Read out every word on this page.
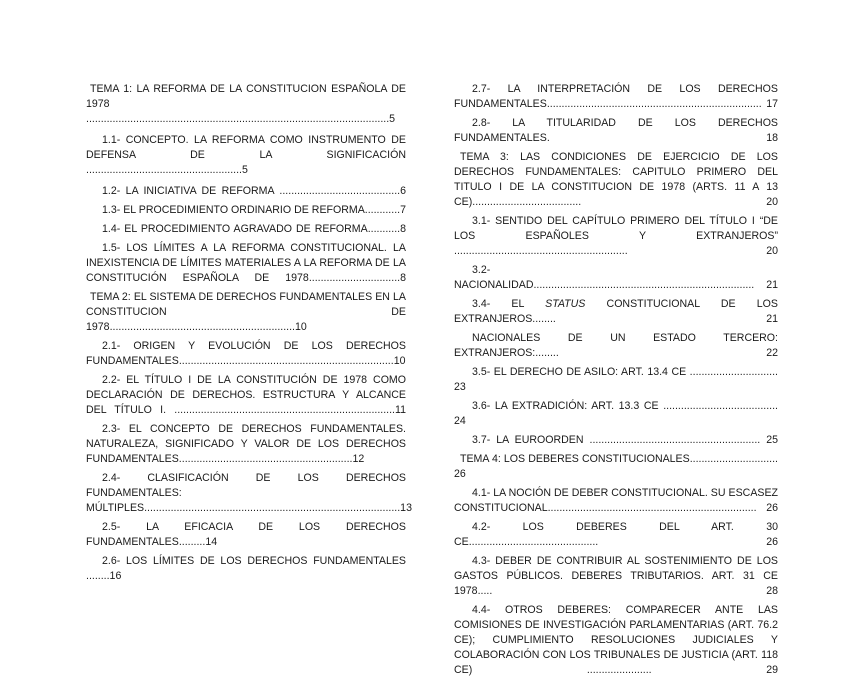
TEMA 1: LA REFORMA DE LA CONSTITUCION ESPAÑOLA DE 1978 .......................................................................................................5
1.1- CONCEPTO. LA REFORMA COMO INSTRUMENTO DE DEFENSA DE LA SIGNIFICACIÓN .....................................................5
1.2- LA INICIATIVA DE REFORMA .........................................6
1.3- EL PROCEDIMIENTO ORDINARIO DE REFORMA............7
1.4- EL PROCEDIMIENTO AGRAVADO DE REFORMA...........8
1.5- LOS LÍMITES A LA REFORMA CONSTITUCIONAL. LA INEXISTENCIA DE LÍMITES MATERIALES A LA REFORMA DE LA CONSTITUCIÓN ESPAÑOLA DE 1978...............................8
TEMA 2: EL SISTEMA DE DERECHOS FUNDAMENTALES EN LA CONSTITUCION DE 1978...............................................................10
2.1- ORIGEN Y EVOLUCIÓN DE LOS DERECHOS FUNDAMENTALES.........................................................................10
2.2- EL TÍTULO I DE LA CONSTITUCIÓN DE 1978 COMO DECLARACIÓN DE DERECHOS. ESTRUCTURA Y ALCANCE DEL TÍTULO I. ...........................................................................11
2.3- EL CONCEPTO DE DERECHOS FUNDAMENTALES. NATURALEZA, SIGNIFICADO Y VALOR DE LOS DERECHOS FUNDAMENTALES...........................................................12
2.4- CLASIFICACIÓN DE LOS DERECHOS FUNDAMENTALES: MÚLTIPLES.......................................................................................13
2.5- LA EFICACIA DE LOS DERECHOS FUNDAMENTALES.........14
2.6- LOS LÍMITES DE LOS DERECHOS FUNDAMENTALES ........16
2.7- LA INTERPRETACIÓN DE LOS DERECHOS FUNDAMENTALES......................................................................... 17
2.8- LA TITULARIDAD DE LOS DERECHOS FUNDAMENTALES. 18
TEMA 3: LAS CONDICIONES DE EJERCICIO DE LOS DERECHOS FUNDAMENTALES: CAPITULO PRIMERO DEL TITULO I DE LA CONSTITUCION DE 1978 (ARTS. 11 A 13 CE)..................................... 20
3.1- SENTIDO DEL CAPÍTULO PRIMERO DEL TÍTULO I “DE LOS ESPAÑOLES Y EXTRANJEROS” ........................................................... 20
3.2- NACIONALIDAD........................................................................... 21
3.4- EL STATUS CONSTITUCIONAL DE LOS EXTRANJEROS........ 21
NACIONALES DE UN ESTADO TERCERO: EXTRANJEROS:........ 22
3.5- EL DERECHO DE ASILO: ART. 13.4 CE .............................. 23
3.6- LA EXTRADICIÓN: ART. 13.3 CE ....................................... 24
3.7- LA EUROORDEN .......................................................... 25
TEMA 4: LOS DEBERES CONSTITUCIONALES.............................. 26
4.1- LA NOCIÓN DE DEBER CONSTITUCIONAL. SU ESCASEZ CONSTITUCIONAL....................................................................... 26
4.2- LOS DEBERES DEL ART. 30 CE............................................ 26
4.3- DEBER DE CONTRIBUIR AL SOSTENIMIENTO DE LOS GASTOS PÚBLICOS. DEBERES TRIBUTARIOS. ART. 31 CE 1978..... 28
4.4- OTROS DEBERES: COMPARECER ANTE LAS COMISIONES DE INVESTIGACIÓN PARLAMENTARIAS (ART. 76.2 CE); CUMPLIMIENTO RESOLUCIONES JUDICIALES Y COLABORACIÓN CON LOS TRIBUNALES DE JUSTICIA (ART. 118 CE) ...................... 29
